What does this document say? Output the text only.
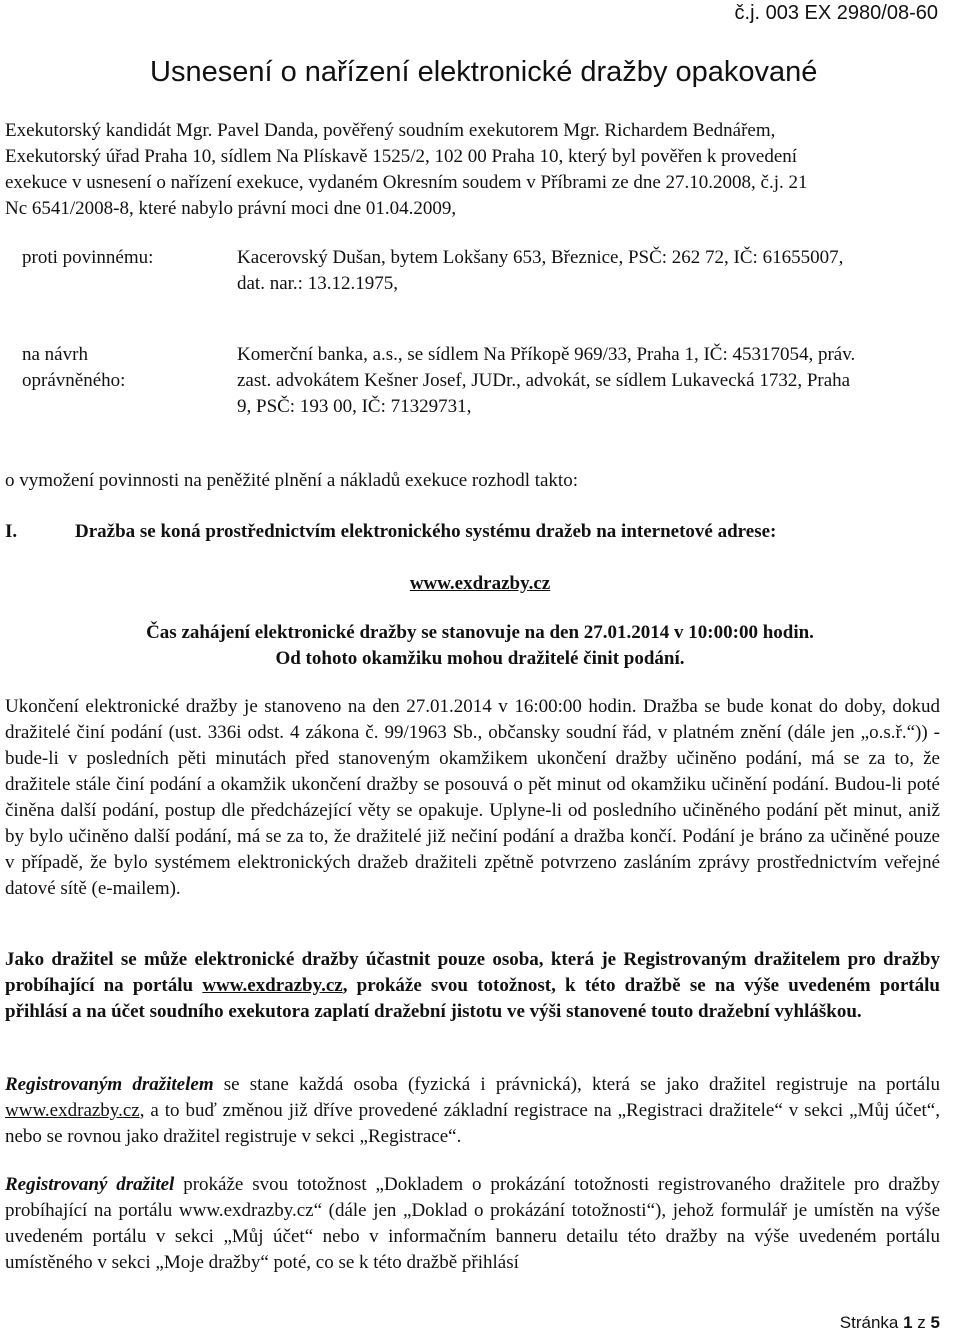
č.j. 003 EX 2980/08-60
Usnesení o nařízení elektronické dražby opakované
Exekutorský kandidát Mgr. Pavel Danda, pověřený soudním exekutorem Mgr. Richardem Bednářem,
Exekutorský úřad Praha 10, sídlem Na Plískavě 1525/2, 102 00 Praha 10, který byl pověřen k provedení
exekuce v usnesení o nařízení exekuce, vydaném Okresním soudem v Příbrami ze dne 27.10.2008, č.j. 21
Nc 6541/2008-8, které nabylo právní moci dne 01.04.2009,
proti povinnému:	Kacerovský Dušan, bytem Lokšany 653, Březnice, PSČ: 262 72, IČ: 61655007,
dat. nar.: 13.12.1975,
na návrh
oprávněného:
Komerční banka, a.s., se sídlem Na Příkopě 969/33, Praha 1, IČ: 45317054, práv.
zast. advokátem Kešner Josef, JUDr., advokát, se sídlem Lukavecká 1732, Praha
9, PSČ: 193 00, IČ: 71329731,
o vymožení povinnosti na peněžité plnění a nákladů exekuce rozhodl takto:
I.	Dražba se koná prostřednictvím elektronického systému dražeb na internetové adrese:
www.exdrazby.cz
Čas zahájení elektronické dražby se stanovuje na den 27.01.2014 v 10:00:00 hodin.
Od tohoto okamžiku mohou dražitelé činit podání.
Ukončení elektronické dražby je stanoveno na den 27.01.2014 v 16:00:00 hodin. Dražba se bude konat do doby, dokud dražitelé činí podání (ust. 336i odst. 4 zákona č. 99/1963 Sb., občansky soudní řád, v platném znění (dále jen „o.s.ř.“)) - bude-li v posledních pěti minutách před stanoveným okamžikem ukončení dražby učiněno podání, má se za to, že dražitele stále činí podání a okamžik ukončení dražby se posouvá o pět minut od okamžiku učinění podání. Budou-li poté činěna další podání, postup dle předcházející věty se opakuje. Uplyne-li od posledního učiněného podání pět minut, aniž by bylo učiněno další podání, má se za to, že dražitelé již nečiní podání a dražba končí. Podání je bráno za učiněné pouze v případě, že bylo systémem elektronických dražeb dražiteli zpětně potvrzeno zasláním zprávy prostřednictvím veřejné datové sítě (e-mailem).
Jako dražitel se může elektronické dražby účastnit pouze osoba, která je Registrovaným dražitelem pro dražby probíhající na portálu www.exdrazby.cz, prokáže svou totožnost, k této dražbě se na výše uvedeném portálu přihlásí a na účet soudního exekutora zaplatí dražební jistotu ve výši stanovené touto dražební vyhláškou.
Registrovaným dražitelem se stane každá osoba (fyzická i právnická), která se jako dražitel registruje na portálu www.exdrazby.cz, a to buď změnou již dříve provedené základní registrace na „Registraci dražitele“ v sekci „Můj účet“, nebo se rovnou jako dražitel registruje v sekci „Registrace“.
Registrovaný dražitel prokáže svou totožnost „Dokladem o prokázání totožnosti registrovaného dražitele pro dražby probíhající na portálu www.exdrazby.cz“ (dále jen „Doklad o prokázání totožnosti“), jehož formulář je umístěn na výše uvedeném portálu v sekci „Můj účet“ nebo v informačním banneru detailu této dražby na výše uvedeném portálu umístěného v sekci „Moje dražby“ poté, co se k této dražbě přihlásí
Stránka 1 z 5
